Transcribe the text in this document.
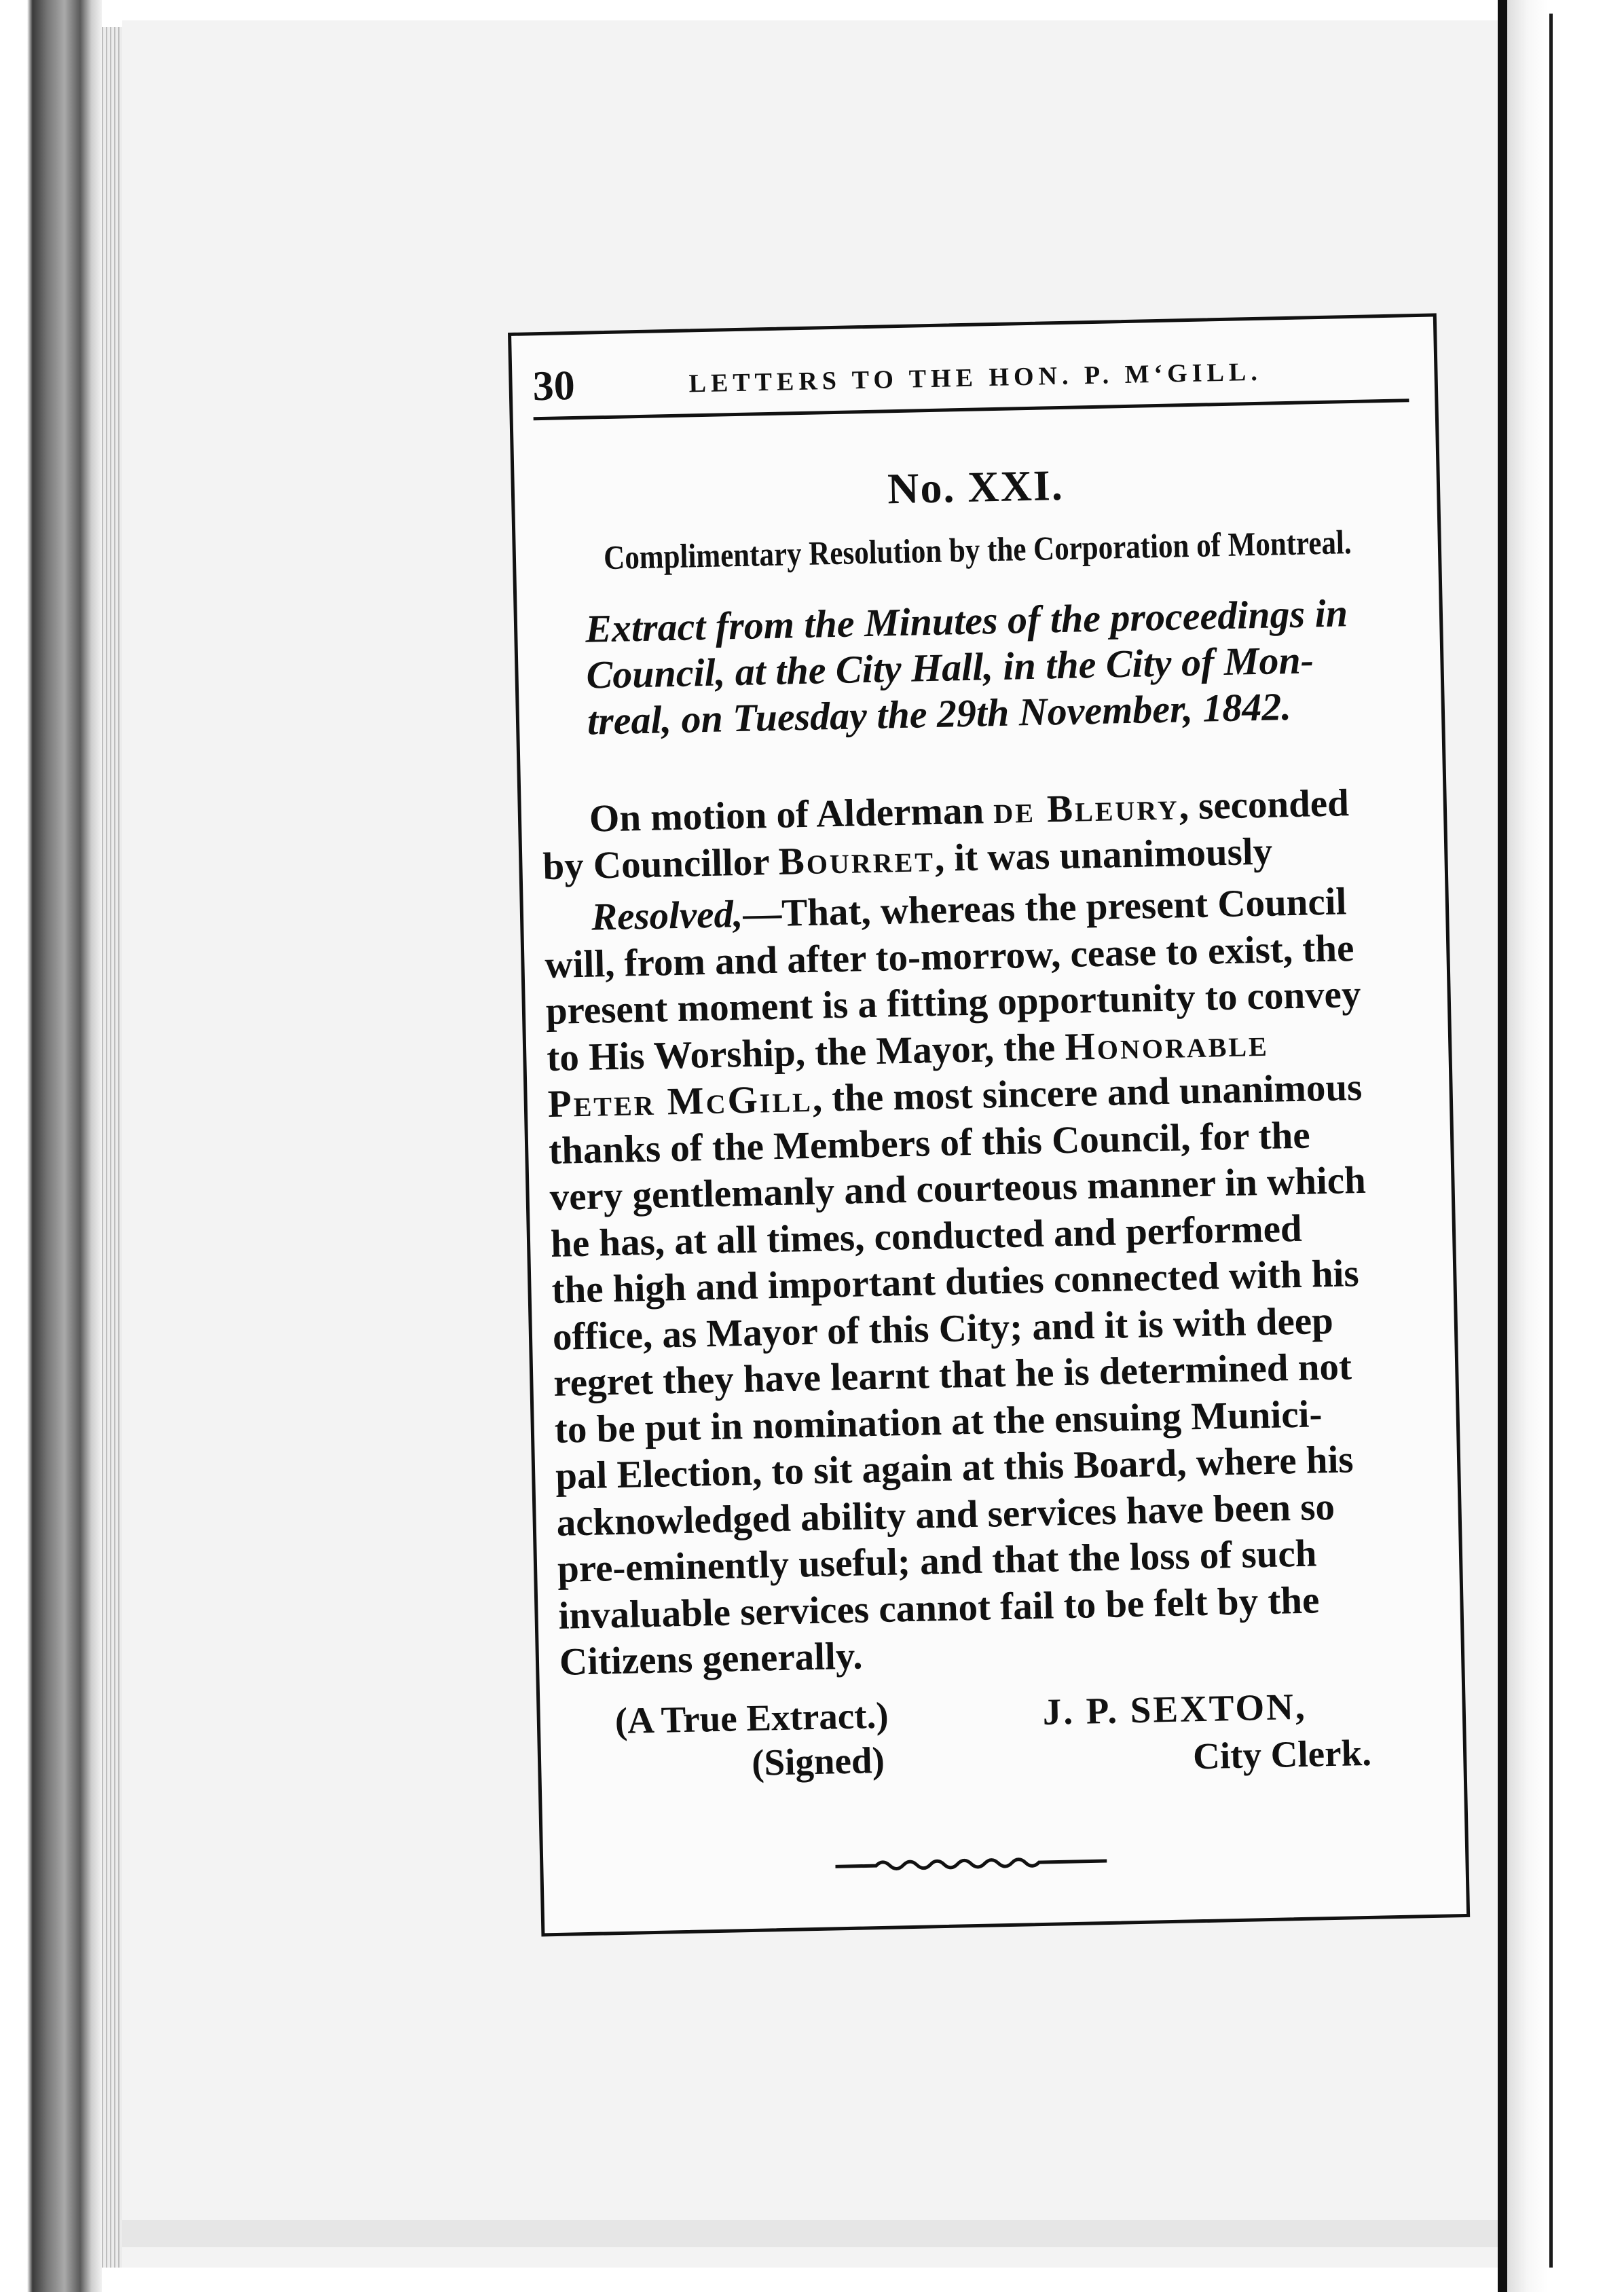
30	LETTERS TO THE HON. P. M‘GILL.
No. XXI.
Complimentary Resolution by the Corporation of Montreal.
Extract from the Minutes of the proceedings in
Council, at the City Hall, in the City of Mon-
treal, on Tuesday the 29th November, 1842.
On motion of Alderman de Bleury, seconded
by Councillor Bourret, it was unanimously
Resolved,—That, whereas the present Council
will, from and after to-morrow, cease to exist, the
present moment is a fitting opportunity to convey
to His Worship, the Mayor, the Honorable
Peter McGill, the most sincere and unanimous
thanks of the Members of this Council, for the
very gentlemanly and courteous manner in which
he has, at all times, conducted and performed
the high and important duties connected with his
office, as Mayor of this City; and it is with deep
regret they have learnt that he is determined not
to be put in nomination at the ensuing Munici-
pal Election, to sit again at this Board, where his
acknowledged ability and services have been so
pre-eminently useful; and that the loss of such
invaluable services cannot fail to be felt by the
Citizens generally.
(A True Extract.)	J. P. SEXTON,
(Signed)	City Clerk.
